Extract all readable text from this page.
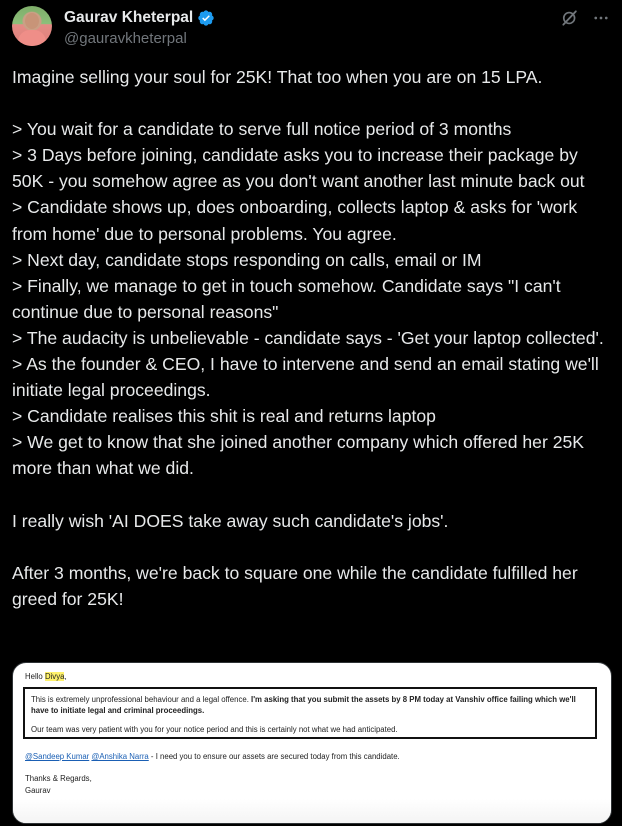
Gaurav Kheterpal
@gauravkheterpal

Imagine selling your soul for 25K! That too when you are on 15 LPA.

> You wait for a candidate to serve full notice period of 3 months
> 3 Days before joining, candidate asks you to increase their package by 50K - you somehow agree as you don't want another last minute back out
> Candidate shows up, does onboarding, collects laptop & asks for 'work from home' due to personal problems. You agree.
> Next day, candidate stops responding on calls, email or IM
> Finally, we manage to get in touch somehow. Candidate says "I can't continue due to personal reasons"
> The audacity is unbelievable - candidate says - 'Get your laptop collected'.
> As the founder & CEO, I have to intervene and send an email stating we'll initiate legal proceedings.
> Candidate realises this shit is real and returns laptop
> We get to know that she joined another company which offered her 25K more than what we did.

I really wish 'AI DOES take away such candidate's jobs'.

After 3 months, we're back to square one while the candidate fulfilled her greed for 25K!

Hello Divya,
This is extremely unprofessional behaviour and a legal offence. I'm asking that you submit the assets by 8 PM today at Vanshiv office failing which we'll have to initiate legal and criminal proceedings.
Our team was very patient with you for your notice period and this is certainly not what we had anticipated.
@Sandeep Kumar @Anshika Narra - I need you to ensure our assets are secured today from this candidate.
Thanks & Regards,
Gaurav
